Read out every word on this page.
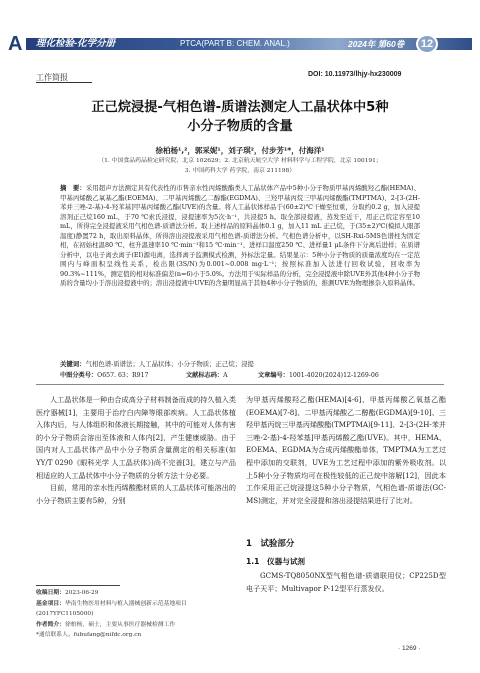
A	理化检验-化学分册	PTCA(PART B: CHEM. ANAL.)	2024年 第60卷	12
工作简报	DOI: 10.11973/lhjy-hx230009
正己烷浸提-气相色谱-质谱法测定人工晶状体中5种
小分子物质的含量
徐柏杨¹,²，郭采妮¹，刘子琪²，付步芳¹*，付海洋¹
（1. 中国食品药品检定研究院，北京 102629；2. 北京航天航空大学 材料科学与工程学院，北京 100191；
3. 中国药科大学 药学院，南京 211198）
摘　要：采用超声方法测定具有代表性的市售亲水性丙烯酸酯类人工晶状体产品中5种小分子物质甲基丙烯酸羟乙酯(HEMA)、甲基丙烯酸乙氧基乙酯(EOEMA)、二甲基丙烯酸乙二醇酯(EGDMA)、三羟甲基丙烷三甲基丙烯酸酯(TMPTMA)、2-[3-(2H-苯并三唑-2-基)-4-羟苯基]甲基丙烯酸乙酯(UVE)的含量。将人工晶状体样品于(60±2)℃干燥至恒重，分取约0.2 g，加入浸提溶剂正己烷160 mL，于70 ℃索氏浸提，浸提速率为5次·h⁻¹，共浸提5 h。取全部浸提液，蒸发至近干，用正己烷定容至10 mL，所得完全浸提液采用气相色谱-质谱法分析。取上述样品的原料晶体0.1 g，加入11 mL 正己烷，于(35±2)℃(模拟人眼部温度)静置72 h，取出原料晶体，所得溶出浸提液采用气相色谱-质谱法分析。气相色谱分析中，以SH-Rxi-5MS色谱柱为固定相，在初始柱温80 ℃、柱升温速率10 ℃·min⁻¹和15 ℃·min⁻¹、进样口温度250 ℃、进样量1 μL条件下分离后进样；在质谱分析中，以电子离去离子(EI)源电离，选择离子监测模式检测，外标法定量。结果显示：5种小分子物质的质量浓度均在一定范围内与峰面积呈线性关系，检出限(3S/N)为0.001~0.008 mg·L⁻¹；按照标准加入法进行回收试验，回收率为90.3%~111%，测定值的相对标准偏差(n=6)小于5.0%。方法用于实际样品的分析，完全浸提液中除UVE外其他4种小分子物质的含量均小于溶出浸提液中的；溶出浸提液中UVE的含量明显高于其他4种小分子物质的，推测UVE为物理掺杂入原料晶体。
关键词：气相色谱-质谱法；人工晶状体；小分子物质；正己烷；浸提
中图分类号：O657. 63；R917	文献标志码：A	文章编号：1001-4020(2024)12-1269-06

人工晶状体是一种由合成高分子材料制备而成的持久植入类医疗器械[1]，主要用于治疗白内障等眼部疾病。人工晶状体植入体内后，与人体组织和体液长期接触，其中的可能对人体有害的小分子物质会溶出至体液和人体内[2]，产生健康威胁。由于国内对人工晶状体产品中小分子物质含量测定的相关标准(如YY/T 0290《眼科光学 人工晶状体》)尚不完善[3]，建立与产品相适应的人工晶状体中小分子物质的分析方法十分必要。

目前，常用的亲水性丙烯酸酯材质的人工晶状体可能溶出的小分子物质主要有5种，分别

为甲基丙烯酸羟乙酯(HEMA)[4-6]、甲基丙烯酸乙氧基乙酯(EOEMA)[7-8]、二甲基丙烯酸乙二醇酯(EGDMA)[9-10]、三羟甲基丙烷三甲基丙烯酸酯(TMPTMA)[9-11]、2-[3-(2H-苯并三唑-2-基)-4-羟苯基]甲基丙烯酸乙酯(UVE)。其中，HEMA、EOEMA、EGDMA为合成丙烯酸酯单体，TMPTMA为工艺过程中添加的交联剂，UVE为工艺过程中添加的紫外吸收剂。以上5种小分子物质均可在极性较低的正己烷中溶解[12]，因此本工作采用正己烷浸提这5种小分子物质，气相色谱-质谱法(GC-MS)测定，并对完全浸提和溶出浸提结果进行了比对。

1　试验部分
1.1　仪器与试剂
GCMS-TQ8050NX型气相色谱-质谱联用仪；CP225D型电子天平；Multivapor P-12型平行蒸发仪。
收稿日期：2023-06-29
基金项目：华南生物医用材料与植入器械创新示范基地项目(2017YFC1105000)
作者简介：徐柏杨，硕士，主要从事医疗器械检测工作
*通信联系人。fubufang@nifdc.org.cn
· 1269 ·
